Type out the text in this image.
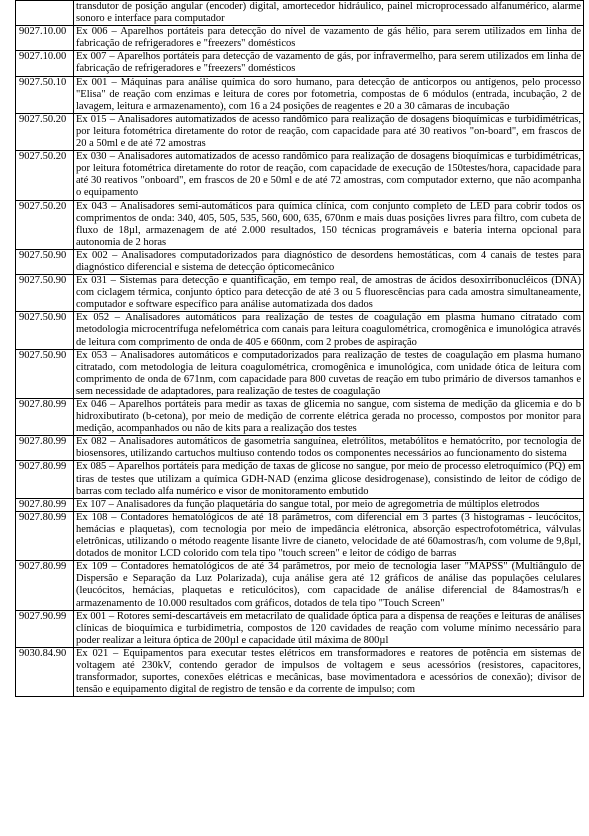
	transdutor de posição angular (encoder) digital, amortecedor hidráulico, painel microprocessado alfanumérico, alarme sonoro e interface para computador
9027.10.00	Ex 006 – Aparelhos portáteis para detecção do nível de vazamento de gás hélio, para serem utilizados em linha de fabricação de refrigeradores e "freezers" domésticos
9027.10.00	Ex 007 – Aparelhos portáteis para detecção de vazamento de gás, por infravermelho, para serem utilizados em linha de fabricação de refrigeradores e "freezers" domésticos
9027.50.10	Ex 001 – Máquinas para análise química do soro humano, para detecção de anticorpos ou antígenos, pelo processo "Elisa" de reação com enzimas e leitura de cores por fotometria, compostas de 6 módulos (entrada, incubação, 2 de lavagem, leitura e armazenamento), com 16 a 24 posições de reagentes e 20 a 30 câmaras de incubação
9027.50.20	Ex 015 – Analisadores automatizados de acesso randômico para realização de dosagens bioquímicas e turbidimétricas, por leitura fotométrica diretamente do rotor de reação, com capacidade para até 30 reativos "on-board", em frascos de 20 a 50ml e de até 72 amostras
9027.50.20	Ex 030 – Analisadores automatizados de acesso randômico para realização de dosagens bioquímicas e turbidimétricas, por leitura fotométrica diretamente do rotor de reação, com capacidade de execução de 150testes/hora, capacidade para até 30 reativos "onboard", em frascos de 20 e 50ml e de até 72 amostras, com computador externo, que não acompanha o equipamento
9027.50.20	Ex 043 – Analisadores semi-automáticos para química clínica, com conjunto completo de LED para cobrir todos os comprimentos de onda: 340, 405, 505, 535, 560, 600, 635, 670nm e mais duas posições livres para filtro, com cubeta de fluxo de 18µl, armazenagem de até 2.000 resultados, 150 técnicas programáveis e bateria interna opcional para autonomia de 2 horas
9027.50.90	Ex 002 – Analisadores computadorizados para diagnóstico de desordens hemostáticas, com 4 canais de testes para diagnóstico diferencial e sistema de detecção ópticomecânico
9027.50.90	Ex 031 – Sistemas para detecção e quantificação, em tempo real, de amostras de ácidos desoxirribonucléicos (DNA) com ciclagem térmica, conjunto óptico para detecção de até 3 ou 5 fluorescências para cada amostra simultaneamente, computador e software específico para análise automatizada dos dados
9027.50.90	Ex 052 – Analisadores automáticos para realização de testes de coagulação em plasma humano citratado com metodologia microcentrífuga nefelométrica com canais para leitura coagulométrica, cromogênica e imunológica através de leitura com comprimento de onda de 405 e 660nm, com 2 probes de aspiração
9027.50.90	Ex 053 – Analisadores automáticos e computadorizados para realização de testes de coagulação em plasma humano citratado, com metodologia de leitura coagulométrica, cromogênica e imunológica, com unidade ótica de leitura com comprimento de onda de 671nm, com capacidade para 800 cuvetas de reação em tubo primário de diversos tamanhos e sem necessidade de adaptadores, para realização de testes de coagulação
9027.80.99	Ex 046 – Aparelhos portáteis para medir as taxas de glicemia no sangue, com sistema de medição da glicemia e do b hidroxibutirato (b-cetona), por meio de medição de corrente elétrica gerada no processo, compostos por monitor para medição, acompanhados ou não de kits para a realização dos testes
9027.80.99	Ex 082 – Analisadores automáticos de gasometria sanguínea, eletrólitos, metabólitos e hematócrito, por tecnologia de biosensores, utilizando cartuchos multiuso contendo todos os componentes necessários ao funcionamento do sistema
9027.80.99	Ex 085 – Aparelhos portáteis para medição de taxas de glicose no sangue, por meio de processo eletroquímico (PQ) em tiras de testes que utilizam a química GDH-NAD (enzima glicose desidrogenase), consistindo de leitor de código de barras com teclado alfa numérico e visor de monitoramento embutido
9027.80.99	Ex 107 – Analisadores da função plaquetária do sangue total, por meio de agregometria de múltiplos eletrodos
9027.80.99	Ex 108 – Contadores hematológicos de até 18 parâmetros, com diferencial em 3 partes (3 histogramas - leucócitos, hemácias e plaquetas), com tecnologia por meio de impedância elétronica, absorção espectrofotométrica, válvulas eletrônicas, utilizando o método reagente lisante livre de cianeto, velocidade de até 60amostras/h, com volume de 9,8µl, dotados de monitor LCD colorido com tela tipo "touch screen" e leitor de código de barras
9027.80.99	Ex 109 – Contadores hematológicos de até 34 parâmetros, por meio de tecnologia laser "MAPSS" (Multiângulo de Dispersão e Separação da Luz Polarizada), cuja análise gera até 12 gráficos de análise das populações celulares (leucócitos, hemácias, plaquetas e reticulócitos), com capacidade de análise diferencial de 84amostras/h e armazenamento de 10.000 resultados com gráficos, dotados de tela tipo "Touch Screen"
9027.90.99	Ex 001 – Rotores semi-descartáveis em metacrilato de qualidade óptica para a dispensa de reações e leituras de análises clínicas de bioquímica e turbidimetria, compostos de 120 cavidades de reação com volume mínimo necessário para poder realizar a leitura óptica de 200µl e capacidade útil máxima de 800µl
9030.84.90	Ex 021 – Equipamentos para executar testes elétricos em transformadores e reatores de potência em sistemas de voltagem até 230kV, contendo gerador de impulsos de voltagem e seus acessórios (resistores, capacitores, transformador, suportes, conexões elétricas e mecânicas, base movimentadora e acessórios de conexão); divisor de tensão e equipamento digital de registro de tensão e da corrente de impulso; com
